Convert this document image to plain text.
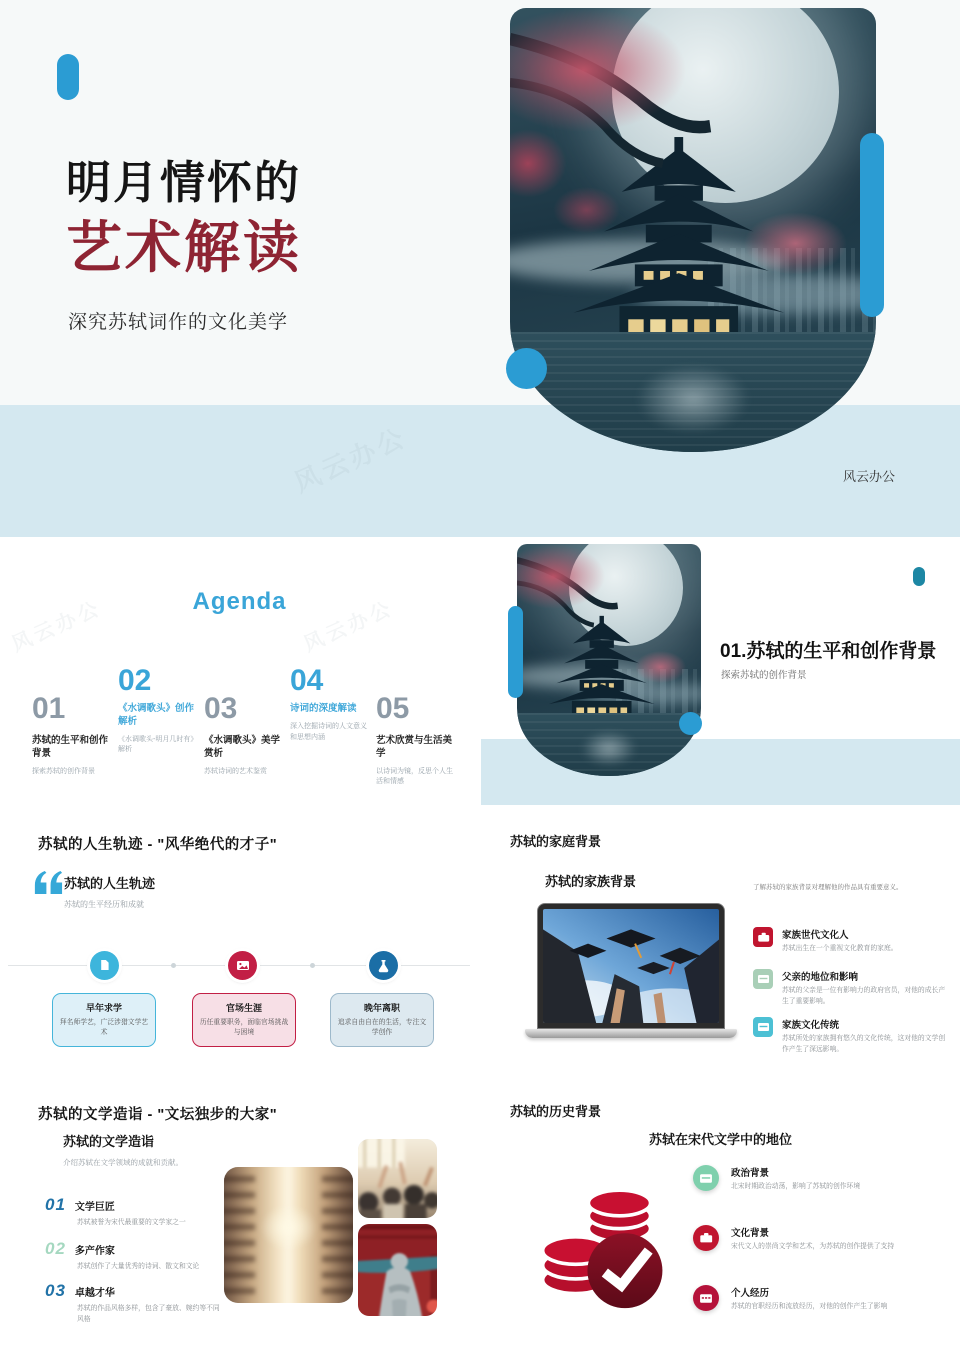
明月情怀的
艺术解读
深究苏轼词作的文化美学
风云办公
风云办公	风云办公
Agenda
01
苏轼的生平和创作背景
探索苏轼的创作背景
02
《水调歌头》创作解析
《水调歌头-明月几时有》解析
03
《水调歌头》美学赏析
苏轼诗词的艺术鉴赏
04
诗词的深度解读
深入挖掘诗词的人文意义和思想内涵
05
艺术欣赏与生活美学
以诗词为镜，反思个人生活和情感
01.苏轼的生平和创作背景
探索苏轼的创作背景
苏轼的人生轨迹 - "风华绝代的才子"
苏轼的人生轨迹
苏轼的生平经历和成就
早年求学
拜名师学艺，广泛涉猎文学艺术
官场生涯
历任重要职务，面临官场挑战与困境
晚年离职
追求自由自在的生活，专注文学创作
苏轼的家庭背景
苏轼的家族背景	了解苏轼的家族背景对理解他的作品具有重要意义。
家族世代文化人
苏轼出生在一个重视文化教育的家庭。
父亲的地位和影响
苏轼的父亲是一位有影响力的政府官员，对他的成长产生了重要影响。
家族文化传统
苏轼所处的家族拥有悠久的文化传统，这对他的文学创作产生了深远影响。
苏轼的文学造诣 - "文坛独步的大家"
苏轼的文学造诣
介绍苏轼在文学领域的成就和贡献。
01 文学巨匠
苏轼被誉为宋代最重要的文学家之一
02 多产作家
苏轼创作了大量优秀的诗词、散文和文论
03 卓越才华
苏轼的作品风格多样，包含了豪放、婉约等不同风格
苏轼的历史背景
苏轼在宋代文学中的地位
政治背景
北宋时期政治动荡，影响了苏轼的创作环境
文化背景
宋代文人的崇尚文学和艺术，为苏轼的创作提供了支持
个人经历
苏轼的官职经历和流放经历，对他的创作产生了影响
